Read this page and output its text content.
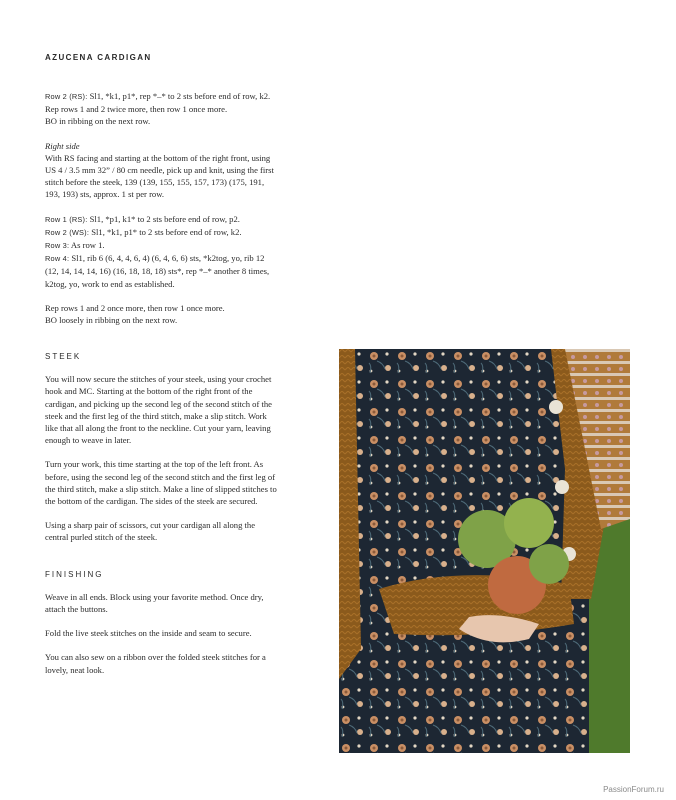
AZUCENA CARDIGAN

Row 2 (RS): Sl1, *k1, p1*, rep *–* to 2 sts before end of row, k2.
Rep rows 1 and 2 twice more, then row 1 once more.
BO in ribbing on the next row.

Right side
With RS facing and starting at the bottom of the right front, using US 4 / 3.5 mm 32” / 80 cm needle, pick up and knit, using the first stitch before the steek, 139 (139, 155, 155, 157, 173) (175, 191, 193, 193) sts, approx. 1 st per row.

Row 1 (RS): Sl1, *p1, k1* to 2 sts before end of row, p2.
Row 2 (WS): Sl1, *k1, p1* to 2 sts before end of row, k2.
Row 3: As row 1.
Row 4: Sl1, rib 6 (6, 4, 4, 6, 4) (6, 4, 6, 6) sts, *k2tog, yo, rib 12 (12, 14, 14, 14, 16) (16, 18, 18, 18) sts*, rep *–* another 8 times, k2tog, yo, work to end as established.

Rep rows 1 and 2 once more, then row 1 once more.
BO loosely in ribbing on the next row.

STEEK

You will now secure the stitches of your steek, using your crochet hook and MC. Starting at the bottom of the right front of the cardigan, and picking up the second leg of the second stitch of the steek and the first leg of the third stitch, make a slip stitch. Work like that all along the front to the neckline. Cut your yarn, leaving enough to weave in later.

Turn your work, this time starting at the top of the left front. As before, using the second leg of the second stitch and the first leg of the third stitch, make a slip stitch. Make a line of slipped stitches to the bottom of the cardigan. The sides of the steek are secured.

Using a sharp pair of scissors, cut your cardigan all along the central purled stitch of the steek.

FINISHING

Weave in all ends. Block using your favorite method. Once dry, attach the buttons.

Fold the live steek stitches on the inside and seam to secure.

You can also sew on a ribbon over the folded steek stitches for a lovely, neat look.

PassionForum.ru
